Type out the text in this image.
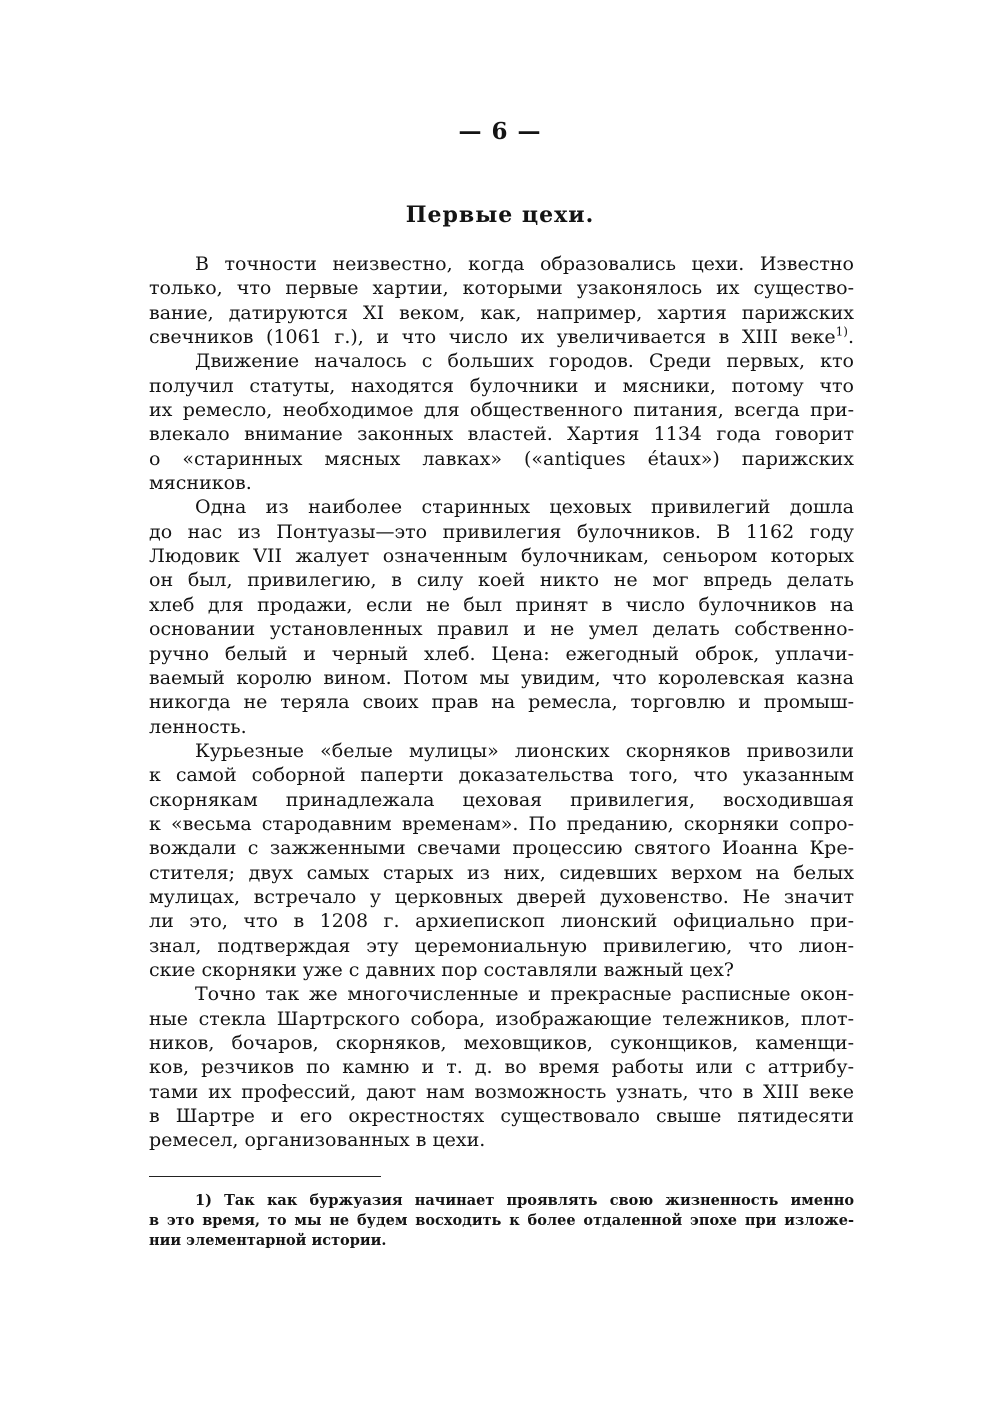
— 6 —
Первые цехи.
В точности неизвестно, когда образовались цехи. Известно
только, что первые хартии, которыми узаконялось их существо-
вание, датируются XI веком, как, например, хартия парижских
свечников (1061 г.), и что число их увеличивается в XIII веке$^{1)}$.
Движение началось с больших городов. Среди первых, кто
получил статуты, находятся булочники и мясники, потому что
их ремесло, необходимое для общественного питания, всегда при-
влекало внимание законных властей. Хартия 1134 года говорит
о «старинных мясных лавках» («antiques étaux») парижских
мясников.
Одна из наиболее старинных цеховых привилегий дошла
до нас из Понтуазы—это привилегия булочников. В 1162 году
Людовик VII жалует означенным булочникам, сеньором которых
он был, привилегию, в силу коей никто не мог впредь делать
хлеб для продажи, если не был принят в число булочников на
основании установленных правил и не умел делать собственно-
ручно белый и черный хлеб. Цена: ежегодный оброк, уплачи-
ваемый королю вином. Потом мы увидим, что королевская казна
никогда не теряла своих прав на ремесла, торговлю и промыш-
ленность.
Курьезные «белые мулицы» лионских скорняков привозили
к самой соборной паперти доказательства того, что указанным
скорнякам принадлежала цеховая привилегия, восходившая
к «весьма стародавним временам». По преданию, скорняки сопро-
вождали с зажженными свечами процессию святого Иоанна Кре-
стителя; двух самых старых из них, сидевших верхом на белых
мулицах, встречало у церковных дверей духовенство. Не значит
ли это, что в 1208 г. архиепископ лионский официально при-
знал, подтверждая эту церемониальную привилегию, что лион-
ские скорняки уже с давних пор составляли важный цех?
Точно так же многочисленные и прекрасные расписные окон-
ные стекла Шартрского собора, изображающие тележников, плот-
ников, бочаров, скорняков, меховщиков, суконщиков, каменщи-
ков, резчиков по камню и т. д. во время работы или с аттрибу-
тами их профессий, дают нам возможность узнать, что в XIII веке
в Шартре и его окрестностях существовало свыше пятидесяти
ремесел, организованных в цехи.
1) Так как буржуазия начинает проявлять свою жизненность именно
в это время, то мы не будем восходить к более отдаленной эпохе при изложе-
нии элементарной истории.
